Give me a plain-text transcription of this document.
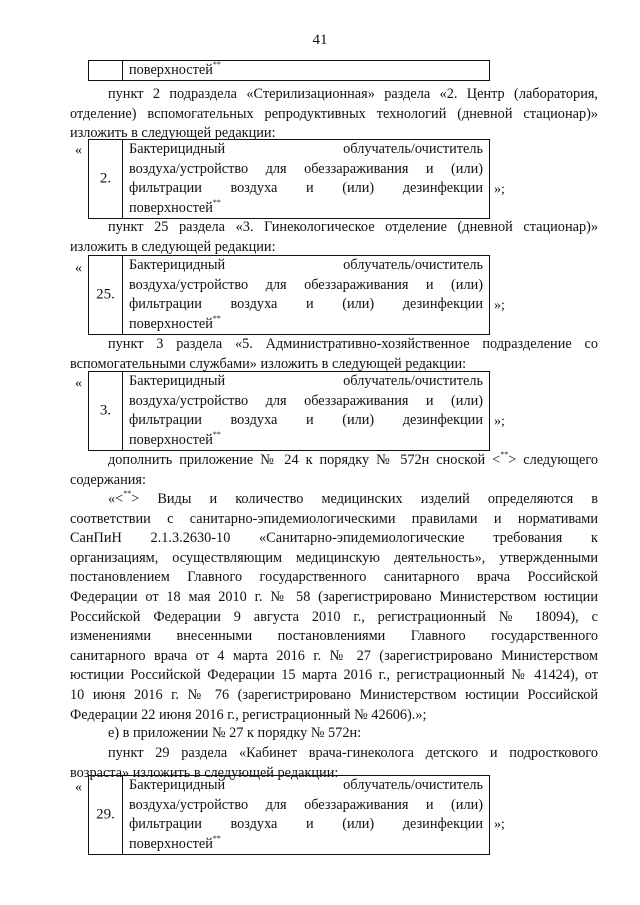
41
поверхностей**
пункт 2 подраздела «Стерилизационная» раздела «2. Центр (лаборатория,
отделение) вспомогательных репродуктивных технологий (дневной стационар)»
изложить в следующей редакции:
«
2.
Бактерицидный облучатель/очиститель
воздуха/устройство для обеззараживания и (или)
фильтрации воздуха и (или) дезинфекции
поверхностей**
»;
пункт 25 раздела «3. Гинекологическое отделение (дневной стационар)»
изложить в следующей редакции:
«
25.
Бактерицидный облучатель/очиститель
воздуха/устройство для обеззараживания и (или)
фильтрации воздуха и (или) дезинфекции
поверхностей**
»;
пункт 3 раздела «5. Административно-хозяйственное подразделение со
вспомогательными службами» изложить в следующей редакции:
«
3.
Бактерицидный облучатель/очиститель
воздуха/устройство для обеззараживания и (или)
фильтрации воздуха и (или) дезинфекции
поверхностей**
»;
дополнить приложение № 24 к порядку № 572н сноской <**> следующего
содержания:
«<**> Виды и количество медицинских изделий определяются в
соответствии с санитарно-эпидемиологическими правилами и нормативами
СанПиН 2.1.3.2630-10 «Санитарно-эпидемиологические требования к
организациям, осуществляющим медицинскую деятельность», утвержденными
постановлением Главного государственного санитарного врача Российской
Федерации от 18 мая 2010 г. № 58 (зарегистрировано Министерством юстиции
Российской Федерации 9 августа 2010 г., регистрационный № 18094), с
изменениями внесенными постановлениями Главного государственного
санитарного врача от 4 марта 2016 г. № 27 (зарегистрировано Министерством
юстиции Российской Федерации 15 марта 2016 г., регистрационный № 41424), от
10 июня 2016 г. № 76 (зарегистрировано Министерством юстиции Российской
Федерации 22 июня 2016 г., регистрационный № 42606).»;
е) в приложении № 27 к порядку № 572н:
пункт 29 раздела «Кабинет врача-гинеколога детского и подросткового
возраста» изложить в следующей редакции:
«
29.
Бактерицидный облучатель/очиститель
воздуха/устройство для обеззараживания и (или)
фильтрации воздуха и (или) дезинфекции
поверхностей**
»;
